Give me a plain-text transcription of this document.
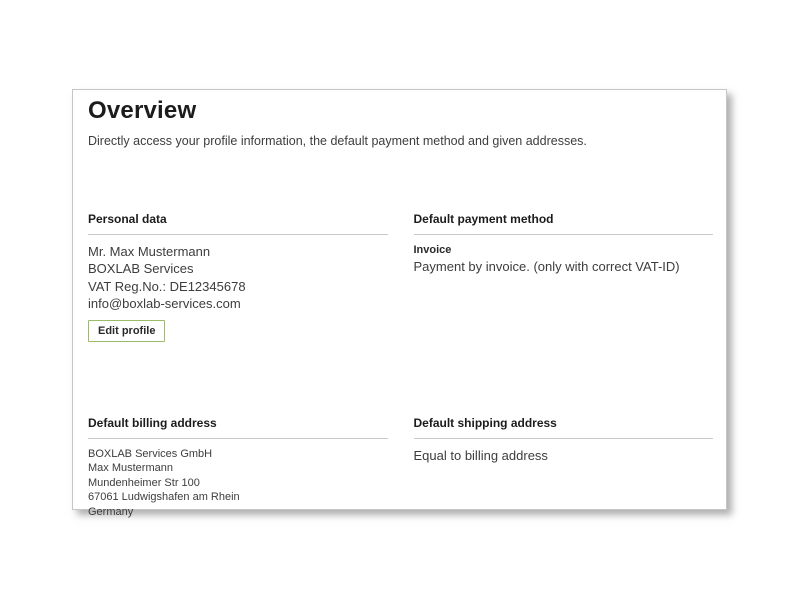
Overview
Directly access your profile information, the default payment method and given addresses.
Personal data
Mr. Max Mustermann
BOXLAB Services
VAT Reg.No.: DE12345678
info@boxlab-services.com
Edit profile
Default payment method
Invoice
Payment by invoice. (only with correct VAT-ID)
Default billing address
BOXLAB Services GmbH
Max Mustermann
Mundenheimer Str 100
67061 Ludwigshafen am Rhein
Germany
Default shipping address
Equal to billing address
